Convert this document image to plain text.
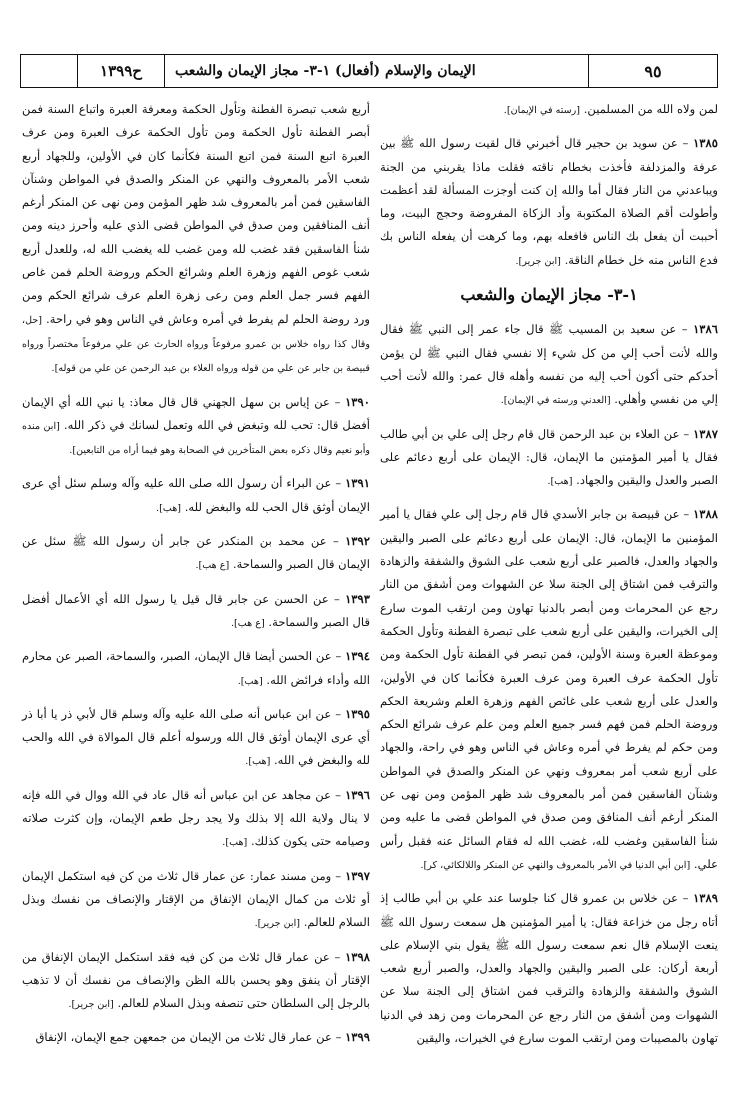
٩٥
الإيمان والإسلام (أفعال) ١-٣- مجاز الإيمان والشعب
ح١٣٩٩

لمن ولاه الله من المسلمين. [رسته في الإيمان].

١٣٨٥ – عن سويد بن حجير قال أخبرني قال لقيت رسول الله ﷺ بين عرفة والمزدلفة فأخذت بخطام ناقته فقلت ماذا يقربني من الجنة ويباعدني من النار فقال أما والله إن كنت أوجزت المسألة لقد أعظمت وأطولت أقم الصلاة المكتوبة وأد الزكاة المفروضة وحجج البيت، وما أحببت أن يفعل بك الناس فافعله بهم، وما كرهت أن يفعله الناس بك فدع الناس منه خل خطام الناقة. [ابن جرير].

١-٣- مجاز الإيمان والشعب

١٣٨٦ – عن سعيد بن المسيب ﷺ قال جاء عمر إلى النبي ﷺ فقال والله لأنت أحب إلي من كل شيء إلا نفسي فقال النبي ﷺ لن يؤمن أحدكم حتى أكون أحب إليه من نفسه وأهله قال عمر: والله لأنت أحب إلي من نفسي وأهلي. [العدني ورسته في الإيمان].

١٣٨٧ – عن العلاء بن عبد الرحمن قال قام رجل إلى علي بن أبي طالب فقال يا أمير المؤمنين ما الإيمان، قال: الإيمان على أربع دعائم على الصبر والعدل واليقين والجهاد. [هب].

١٣٨٨ – عن قبيصة بن جابر الأسدي قال قام رجل إلى علي فقال يا أمير المؤمنين ما الإيمان، قال: الإيمان على أربع دعائم على الصبر واليقين والجهاد والعدل، فالصبر على أربع شعب على الشوق والشفقة والزهادة والترقب فمن اشتاق إلى الجنة سلا عن الشهوات ومن أشفق من النار رجع عن المحرمات ومن أبصر بالدنيا تهاون ومن ارتقب الموت سارع إلى الخيرات، واليقين على أربع شعب على تبصرة الفطنة وتأول الحكمة وموعظة العبرة وسنة الأولين، فمن تبصر في الفطنة تأول الحكمة ومن تأول الحكمة عرف العبرة ومن عرف العبرة فكأنما كان في الأولين، والعدل على أربع شعب على غائص الفهم وزهرة العلم وشريعة الحكم وروضة الحلم فمن فهم فسر جميع العلم ومن علم عرف شرائع الحكم ومن حكم لم يفرط في أمره وعاش في الناس وهو في راحة، والجهاد على أربع شعب أمر بمعروف ونهي عن المنكر والصدق في المواطن وشنآن الفاسقين فمن أمر بالمعروف شد ظهر المؤمن ومن نهى عن المنكر أرغم أنف المنافق ومن صدق في المواطن قضى ما عليه ومن شنأ الفاسقين وغضب لله، غضب الله له فقام السائل عنه فقبل رأس علي. [ابن أبي الدنيا في الأمر بالمعروف والنهي عن المنكر واللالكائي، كر].

١٣٨٩ – عن خلاس بن عمرو قال كنا جلوسا عند علي بن أبي طالب إذ أتاه رجل من خزاعة فقال: يا أمير المؤمنين هل سمعت رسول الله ﷺ ينعت الإسلام قال نعم سمعت رسول الله ﷺ يقول بني الإسلام على أربعة أركان: على الصبر واليقين والجهاد والعدل، والصبر أربع شعب الشوق والشفقة والزهادة والترقب فمن اشتاق إلى الجنة سلا عن الشهوات ومن أشفق من النار رجع عن المحرمات ومن زهد في الدنيا تهاون بالمصيبات ومن ارتقب الموت سارع في الخيرات، واليقين

أربع شعب تبصرة الفطنة وتأول الحكمة ومعرفة العبرة واتباع السنة فمن أبصر الفطنة تأول الحكمة ومن تأول الحكمة عرف العبرة ومن عرف العبرة اتبع السنة فمن اتبع السنة فكأنما كان في الأولين، وللجهاد أربع شعب الأمر بالمعروف والنهي عن المنكر والصدق في المواطن وشنآن الفاسقين فمن أمر بالمعروف شد ظهر المؤمن ومن نهى عن المنكر أرغم أنف المنافقين ومن صدق في المواطن قضى الذي عليه وأحرز دينه ومن شنأ الفاسقين فقد غضب لله ومن غضب لله يغضب الله له، وللعدل أربع شعب غوص الفهم وزهرة العلم وشرائع الحكم وروضة الحلم فمن غاص الفهم فسر جمل العلم ومن رعى زهرة العلم عرف شرائع الحكم ومن ورد روضة الحلم لم يفرط في أمره وعاش في الناس وهو في راحة. [حل، وقال كذا رواه خلاس بن عمرو مرفوعاً ورواه الحارث عن علي مرفوعاً مختصراً ورواه قبيصة بن جابر عن علي من قوله ورواه العلاء بن عبد الرحمن عن علي من قوله].

١٣٩٠ – عن إياس بن سهل الجهني قال قال معاذ: يا نبي الله أي الإيمان أفضل قال: تحب لله وتبغض في الله وتعمل لسانك في ذكر الله. [ابن منده وأبو نعيم وقال ذكره بعض المتأخرين في الصحابة وهو فيما أراه من التابعين].

١٣٩١ – عن البراء أن رسول الله صلى الله عليه وآله وسلم سئل أي عرى الإيمان أوثق قال الحب لله والبغض لله. [هب].

١٣٩٢ – عن محمد بن المنكدر عن جابر أن رسول الله ﷺ سئل عن الإيمان قال الصبر والسماحة. [ع هب].

١٣٩٣ – عن الحسن عن جابر قال قيل يا رسول الله أي الأعمال أفضل قال الصبر والسماحة. [ع هب].

١٣٩٤ – عن الحسن أيضا قال الإيمان، الصبر، والسماحة، الصبر عن محارم الله وأداء فرائض الله. [هب].

١٣٩٥ – عن ابن عباس أنه صلى الله عليه وآله وسلم قال لأبي ذر يا أبا ذر أي عرى الإيمان أوثق قال الله ورسوله أعلم قال الموالاة في الله والحب لله والبغض في الله. [هب].

١٣٩٦ – عن مجاهد عن ابن عباس أنه قال عاد في الله ووال في الله فإنه لا ينال ولاية الله إلا بذلك ولا يجد رجل طعم الإيمان، وإن كثرت صلاته وصيامه حتى يكون كذلك. [هب].

١٣٩٧ – ومن مسند عمار: عن عمار قال ثلاث من كن فيه استكمل الإيمان أو ثلاث من كمال الإيمان الإنفاق من الإقتار والإنصاف من نفسك وبذل السلام للعالم. [ابن جرير].

١٣٩٨ – عن عمار قال ثلاث من كن فيه فقد استكمل الإيمان الإنفاق من الإقتار أن ينفق وهو يحسن بالله الظن والإنصاف من نفسك أن لا تذهب بالرجل إلى السلطان حتى تنصفه وبذل السلام للعالم. [ابن جرير].

١٣٩٩ – عن عمار قال ثلاث من الإيمان من جمعهن جمع الإيمان، الإنفاق
